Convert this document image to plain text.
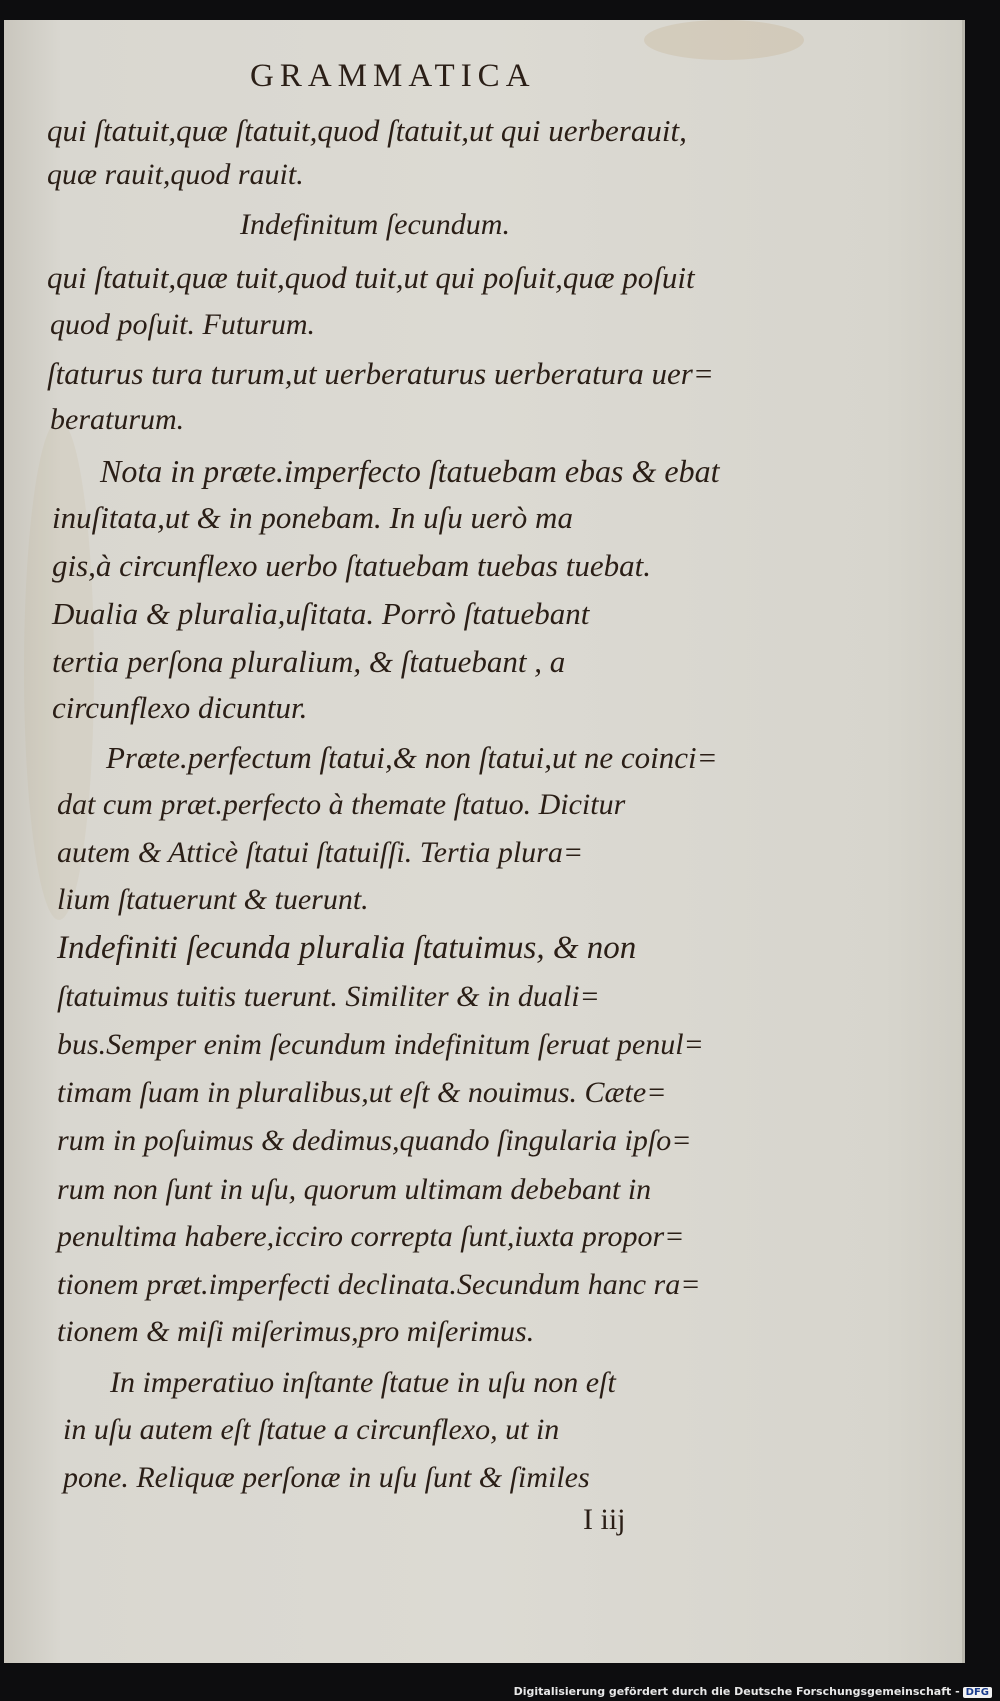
GRAMMATICA
qui ſtatuit,quæ ſtatuit,quod ſtatuit,ut qui uerberauit,
quæ rauit,quod rauit.
Indefinitum ſecundum.
qui ſtatuit,quæ tuit,quod tuit,ut qui poſuit,quæ poſuit
quod poſuit. Futurum.
ſtaturus tura turum,ut uerberaturus uerberatura uer=
beraturum.
Nota in præte.imperfecto ſtatuebam ebas & ebat
inuſitata,ut & in ponebam. In uſu uerò ma
gis,à circunflexo uerbo ſtatuebam tuebas tuebat.
Dualia & pluralia,uſitata. Porrò ſtatuebant
tertia perſona pluralium, & ſtatuebant , a
circunflexo dicuntur.
Præte.perfectum ſtatui,& non ſtatui,ut ne coinci=
dat cum præt.perfecto à themate ſtatuo. Dicitur
autem & Atticè ſtatui ſtatuiſſi. Tertia plura=
lium ſtatuerunt & tuerunt.
Indefiniti ſecunda pluralia ſtatuimus, & non
ſtatuimus tuitis tuerunt. Similiter & in duali=
bus.Semper enim ſecundum indefinitum ſeruat penul=
timam ſuam in pluralibus,ut eſt & nouimus. Cæte=
rum in poſuimus & dedimus,quando ſingularia ipſo=
rum non ſunt in uſu, quorum ultimam debebant in
penultima habere,icciro correpta ſunt,iuxta propor=
tionem præt.imperfecti declinata.Secundum hanc ra=
tionem & miſi miſerimus,pro miſerimus.
In imperatiuo inſtante ſtatue in uſu non eſt
in uſu autem eſt ſtatue a circunflexo, ut in
pone. Reliquæ perſonæ in uſu ſunt & ſimiles
I iij
Digitalisierung gefördert durch die Deutsche Forschungsgemeinschaft - DFG
